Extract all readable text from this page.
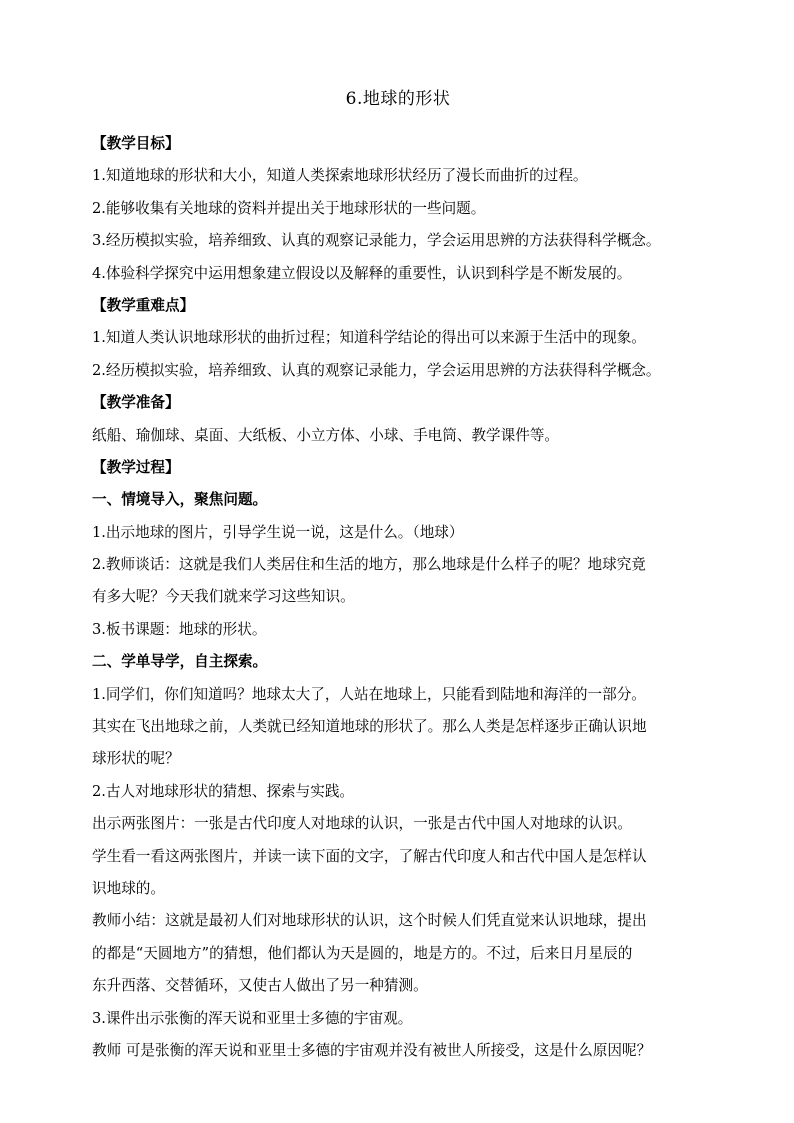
6.地球的形状
【教学目标】
1.知道地球的形状和大小，知道人类探索地球形状经历了漫长而曲折的过程。
2.能够收集有关地球的资料并提出关于地球形状的一些问题。
3.经历模拟实验，培养细致、认真的观察记录能力，学会运用思辨的方法获得科学概念。
4.体验科学探究中运用想象建立假设以及解释的重要性，认识到科学是不断发展的。
【教学重难点】
1.知道人类认识地球形状的曲折过程；知道科学结论的得出可以来源于生活中的现象。
2.经历模拟实验，培养细致、认真的观察记录能力，学会运用思辨的方法获得科学概念。
【教学准备】
纸船、瑜伽球、桌面、大纸板、小立方体、小球、手电筒、教学课件等。
【教学过程】
一、情境导入，聚焦问题。
1.出示地球的图片，引导学生说一说，这是什么。（地球）
2.教师谈话：这就是我们人类居住和生活的地方，那么地球是什么样子的呢？地球究竟
有多大呢？今天我们就来学习这些知识。
3.板书课题：地球的形状。
二、学单导学，自主探索。
1.同学们，你们知道吗？地球太大了，人站在地球上，只能看到陆地和海洋的一部分。
其实在飞出地球之前，人类就已经知道地球的形状了。那么人类是怎样逐步正确认识地
球形状的呢？
2.古人对地球形状的猜想、探索与实践。
出示两张图片：一张是古代印度人对地球的认识，一张是古代中国人对地球的认识。
学生看一看这两张图片，并读一读下面的文字，了解古代印度人和古代中国人是怎样认
识地球的。
教师小结：这就是最初人们对地球形状的认识，这个时候人们凭直觉来认识地球，提出
的都是“天圆地方”的猜想，他们都认为天是圆的，地是方的。不过，后来日月星辰的
东升西落、交替循环，又使古人做出了另一种猜测。
3.课件出示张衡的浑天说和亚里士多德的宇宙观。
教师 可是张衡的浑天说和亚里士多德的宇宙观并没有被世人所接受，这是什么原因呢？
